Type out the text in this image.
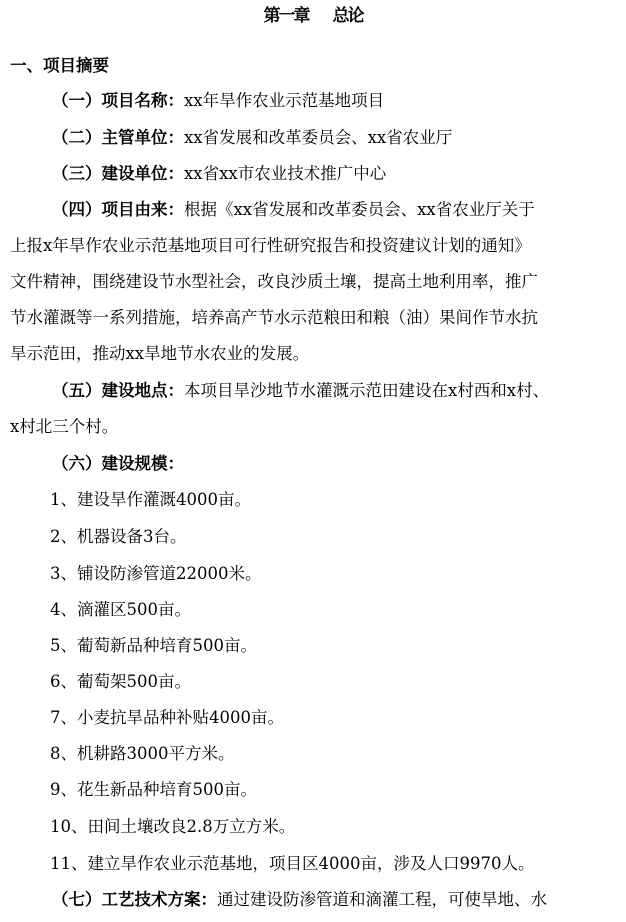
第一章 总论
一、项目摘要
（一）项目名称：xx年旱作农业示范基地项目
（二）主管单位：xx省发展和改革委员会、xx省农业厅
（三）建设单位：xx省xx市农业技术推广中心
（四）项目由来：根据《xx省发展和改革委员会、xx省农业厅关于
上报x年旱作农业示范基地项目可行性研究报告和投资建议计划的通知》
文件精神，围绕建设节水型社会，改良沙质土壤，提高土地利用率，推广
节水灌溉等一系列措施，培养高产节水示范粮田和粮（油）果间作节水抗
旱示范田，推动xx旱地节水农业的发展。
（五）建设地点：本项目旱沙地节水灌溉示范田建设在x村西和x村、
x村北三个村。
（六）建设规模：
1、建设旱作灌溉4000亩。
2、机器设备3台。
3、铺设防渗管道22000米。
4、滴灌区500亩。
5、葡萄新品种培育500亩。
6、葡萄架500亩。
7、小麦抗旱品种补贴4000亩。
8、机耕路3000平方米。
9、花生新品种培育500亩。
10、田间土壤改良2.8万立方米。
11、建立旱作农业示范基地，项目区4000亩，涉及人口9970人。
（七）工艺技术方案：通过建设防渗管道和滴灌工程，可使旱地、水
